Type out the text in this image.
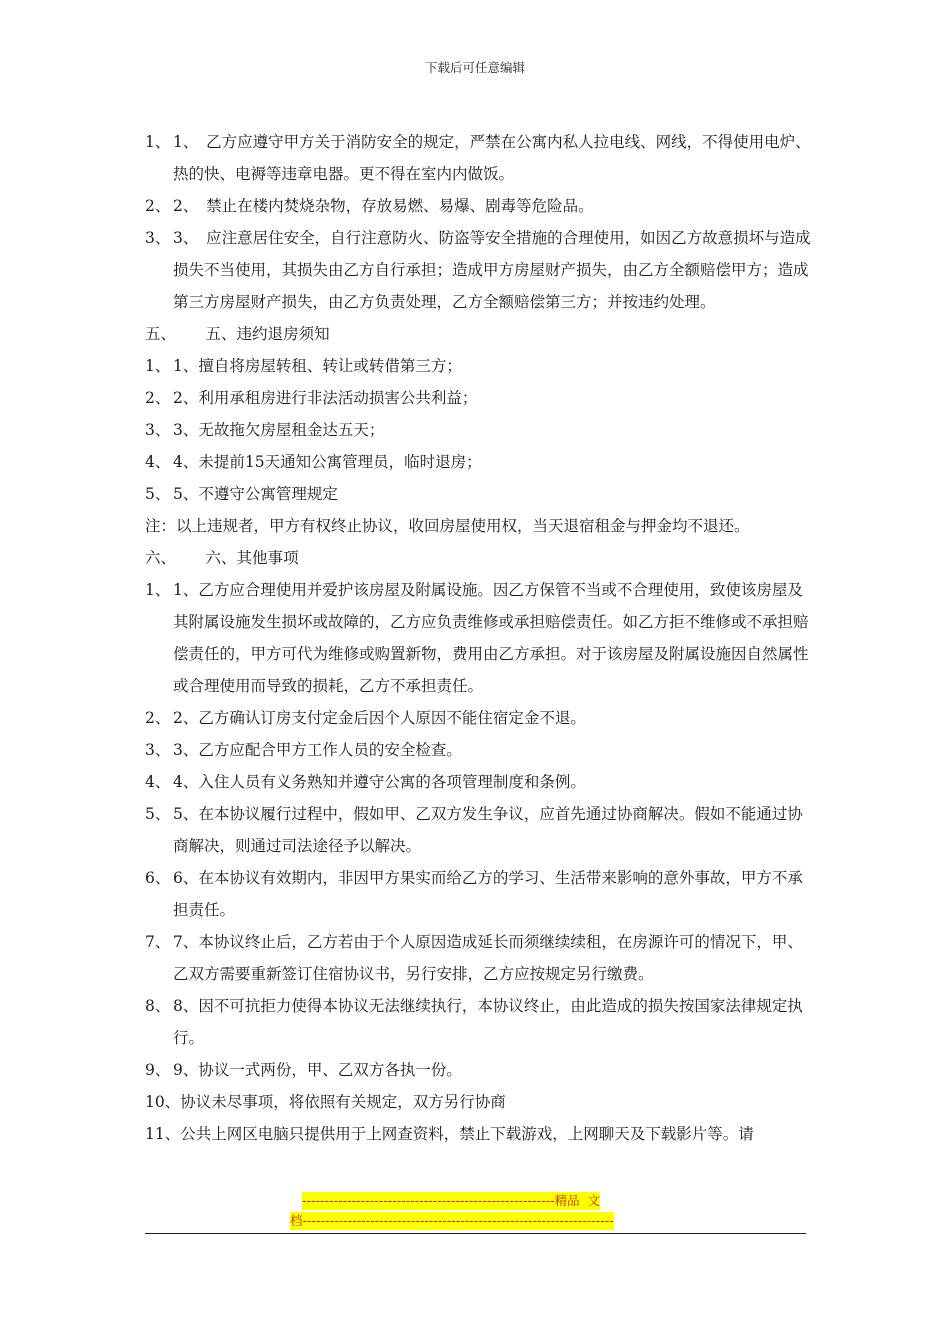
下载后可任意编辑

1、 1、　乙方应遵守甲方关于消防安全的规定，严禁在公寓内私人拉电线、网线，不得使用电炉、热的快、电褥等违章电器。更不得在室内内做饭。

2、 2、　禁止在楼内焚烧杂物，存放易燃、易爆、剧毒等危险品。

3、 3、　应注意居住安全，自行注意防火、防盗等安全措施的合理使用，如因乙方故意损坏与造成损失不当使用，其损失由乙方自行承担；造成甲方房屋财产损失，由乙方全额赔偿甲方；造成第三方房屋财产损失，由乙方负责处理，乙方全额赔偿第三方；并按违约处理。

五、      五、违约退房须知

1、 1、擅自将房屋转租、转让或转借第三方；

2、 2、利用承租房进行非法活动损害公共利益；

3、 3、无故拖欠房屋租金达五天；

4、 4、未提前15天通知公寓管理员，临时退房；

5、 5、不遵守公寓管理规定

注：以上违规者，甲方有权终止协议，收回房屋使用权，当天退宿租金与押金均不退还。

六、      六、其他事项

1、 1、乙方应合理使用并爱护该房屋及附属设施。因乙方保管不当或不合理使用，致使该房屋及其附属设施发生损坏或故障的，乙方应负责维修或承担赔偿责任。如乙方拒不维修或不承担赔偿责任的，甲方可代为维修或购置新物，费用由乙方承担。对于该房屋及附属设施因自然属性或合理使用而导致的损耗，乙方不承担责任。

2、 2、乙方确认订房支付定金后因个人原因不能住宿定金不退。

3、 3、乙方应配合甲方工作人员的安全检查。

4、 4、入住人员有义务熟知并遵守公寓的各项管理制度和条例。

5、 5、在本协议履行过程中，假如甲、乙双方发生争议，应首先通过协商解决。假如不能通过协商解决，则通过司法途径予以解决。

6、 6、在本协议有效期内，非因甲方果实而给乙方的学习、生活带来影响的意外事故，甲方不承担责任。

7、 7、本协议终止后，乙方若由于个人原因造成延长而须继续续租，在房源许可的情况下，甲、乙双方需要重新签订住宿协议书，另行安排，乙方应按规定另行缴费。

8、 8、因不可抗拒力使得本协议无法继续执行，本协议终止，由此造成的损失按国家法律规定执行。

9、 9、协议一式两份，甲、乙双方各执一份。

10、协议未尽事项，将依照有关规定，双方另行协商

11、公共上网区电脑只提供用于上网查资料，禁止下载游戏，上网聊天及下载影片等。请

--------------------------------------------------------精品  文
档---------------------------------------------------------------------
